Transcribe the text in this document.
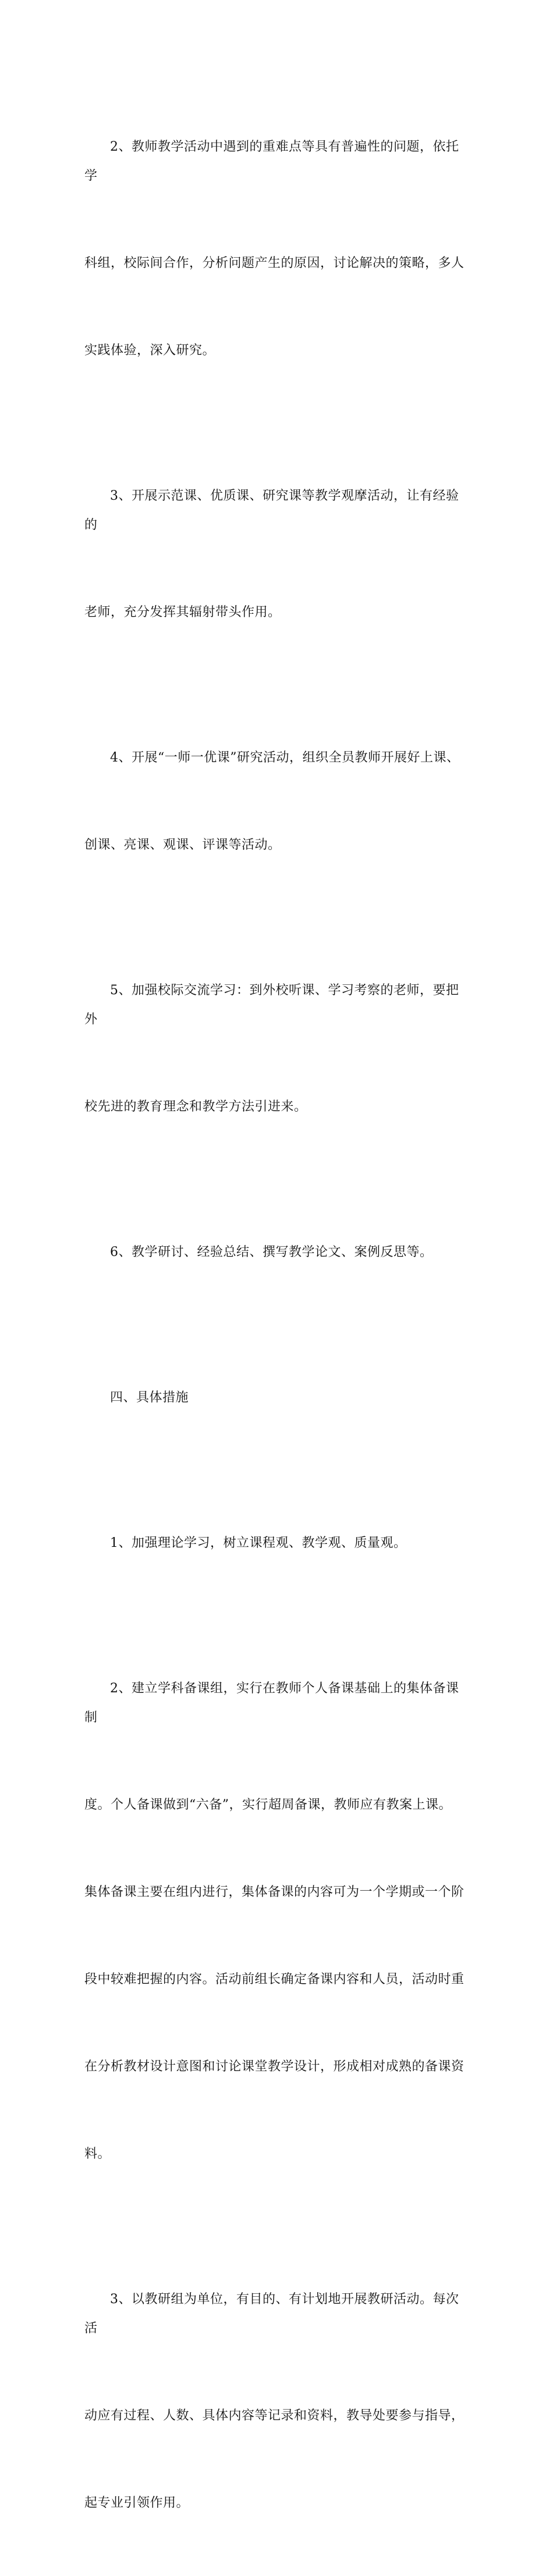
2、教师教学活动中遇到的重难点等具有普遍性的问题，依托学

科组，校际间合作，分析问题产生的原因，讨论解决的策略，多人

实践体验，深入研究。

3、开展示范课、优质课、研究课等教学观摩活动，让有经验的

老师，充分发挥其辐射带头作用。

4、开展“一师一优课”研究活动，组织全员教师开展好上课、

创课、亮课、观课、评课等活动。

5、加强校际交流学习：到外校听课、学习考察的老师，要把外

校先进的教育理念和教学方法引进来。

6、教学研讨、经验总结、撰写教学论文、案例反思等。

四、具体措施

1、加强理论学习，树立课程观、教学观、质量观。

2、建立学科备课组，实行在教师个人备课基础上的集体备课制

度。个人备课做到“六备”，实行超周备课，教师应有教案上课。

集体备课主要在组内进行，集体备课的内容可为一个学期或一个阶

段中较难把握的内容。活动前组长确定备课内容和人员，活动时重

在分析教材设计意图和讨论课堂教学设计，形成相对成熟的备课资

料。

3、以教研组为单位，有目的、有计划地开展教研活动。每次活

动应有过程、人数、具体内容等记录和资料，教导处要参与指导，

起专业引领作用。
